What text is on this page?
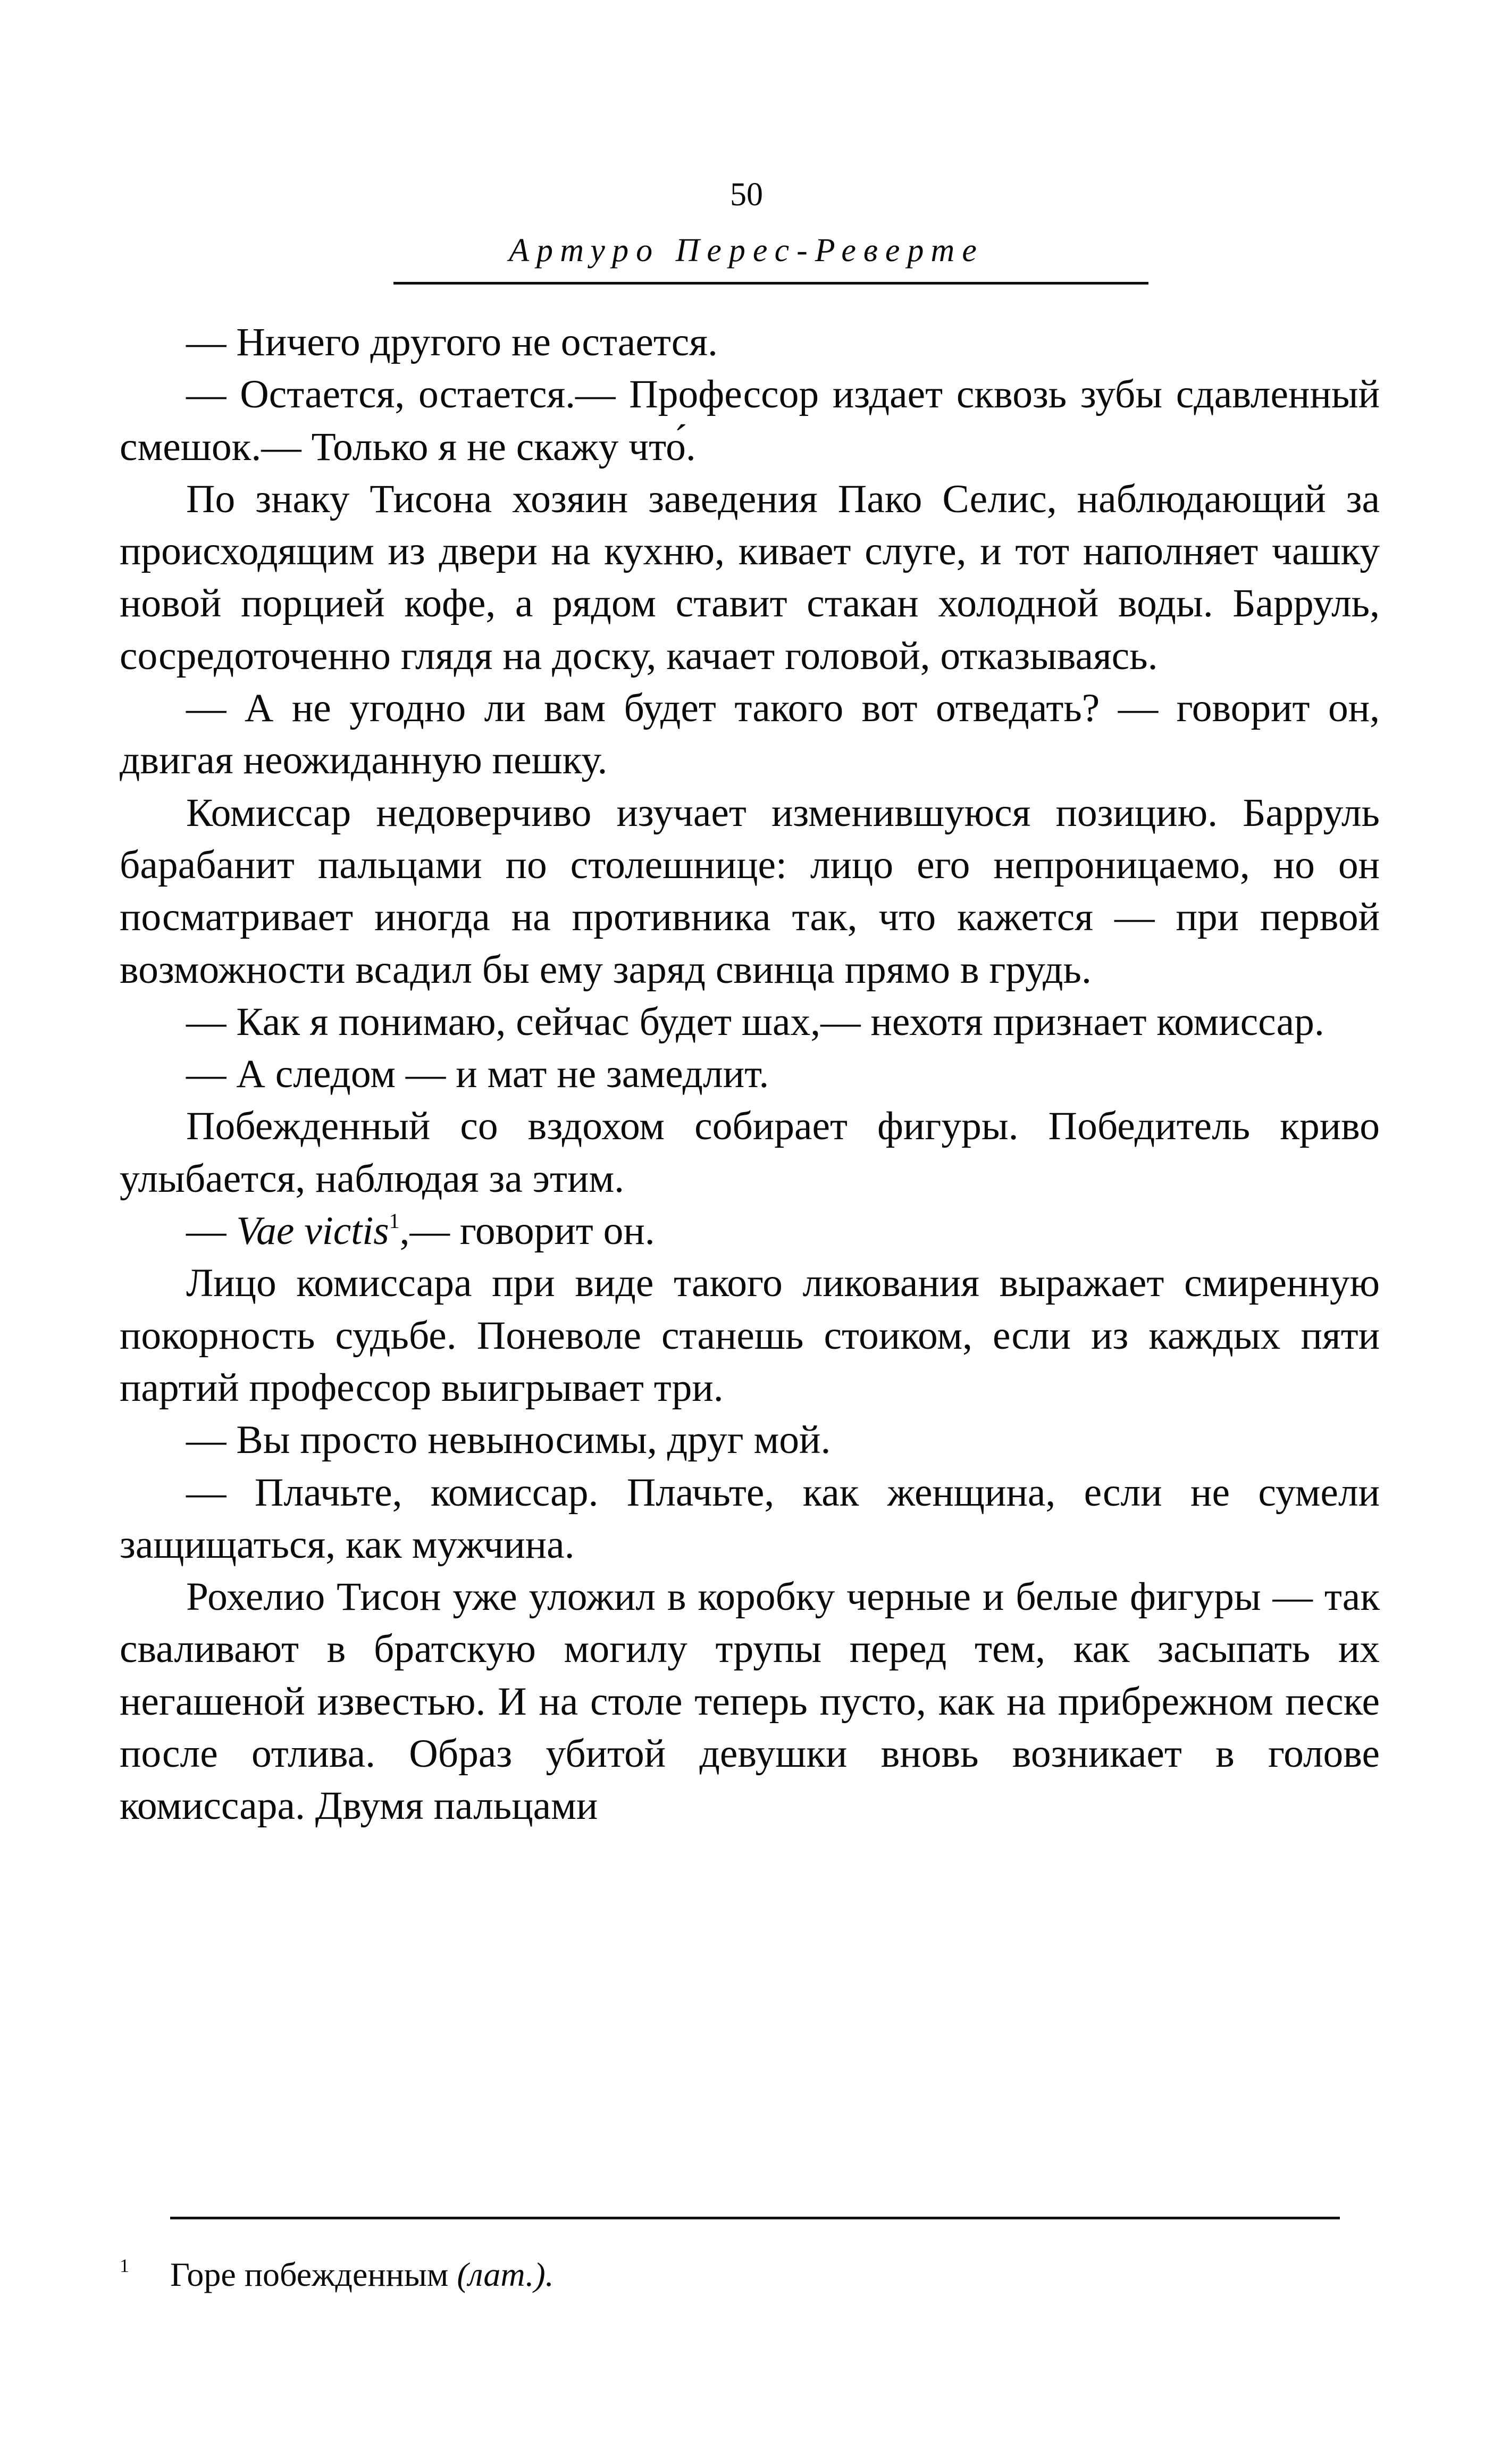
50
Артуро Перес-Реверте

— Ничего другого не остается.

— Остается, остается.— Профессор издает сквозь зубы сдавленный смешок.— Только я не скажу что́.

По знаку Тисона хозяин заведения Пако Селис, наблюдающий за происходящим из двери на кухню, кивает слуге, и тот наполняет чашку новой порцией кофе, а рядом ставит стакан холодной воды. Барруль, сосредоточенно глядя на доску, качает головой, отказываясь.

— А не угодно ли вам будет такого вот отведать? — говорит он, двигая неожиданную пешку.

Комиссар недоверчиво изучает изменившуюся позицию. Барруль барабанит пальцами по столешнице: лицо его непроницаемо, но он посматривает иногда на противника так, что кажется — при первой возможности всадил бы ему заряд свинца прямо в грудь.

— Как я понимаю, сейчас будет шах,— нехотя признает комиссар.

— А следом — и мат не замедлит.

Побежденный со вздохом собирает фигуры. Победитель криво улыбается, наблюдая за этим.

— Vae victis$^1$,— говорит он.

Лицо комиссара при виде такого ликования выражает смиренную покорность судьбе. Поневоле станешь стоиком, если из каждых пяти партий профессор выигрывает три.

— Вы просто невыносимы, друг мой.

— Плачьте, комиссар. Плачьте, как женщина, если не сумели защищаться, как мужчина.

Рохелио Тисон уже уложил в коробку черные и белые фигуры — так сваливают в братскую могилу трупы перед тем, как засыпать их негашеной известью. И на столе теперь пусто, как на прибрежном песке после отлива. Образ убитой девушки вновь возникает в голове комиссара. Двумя пальцами

1 Горе побежденным (лат.).
